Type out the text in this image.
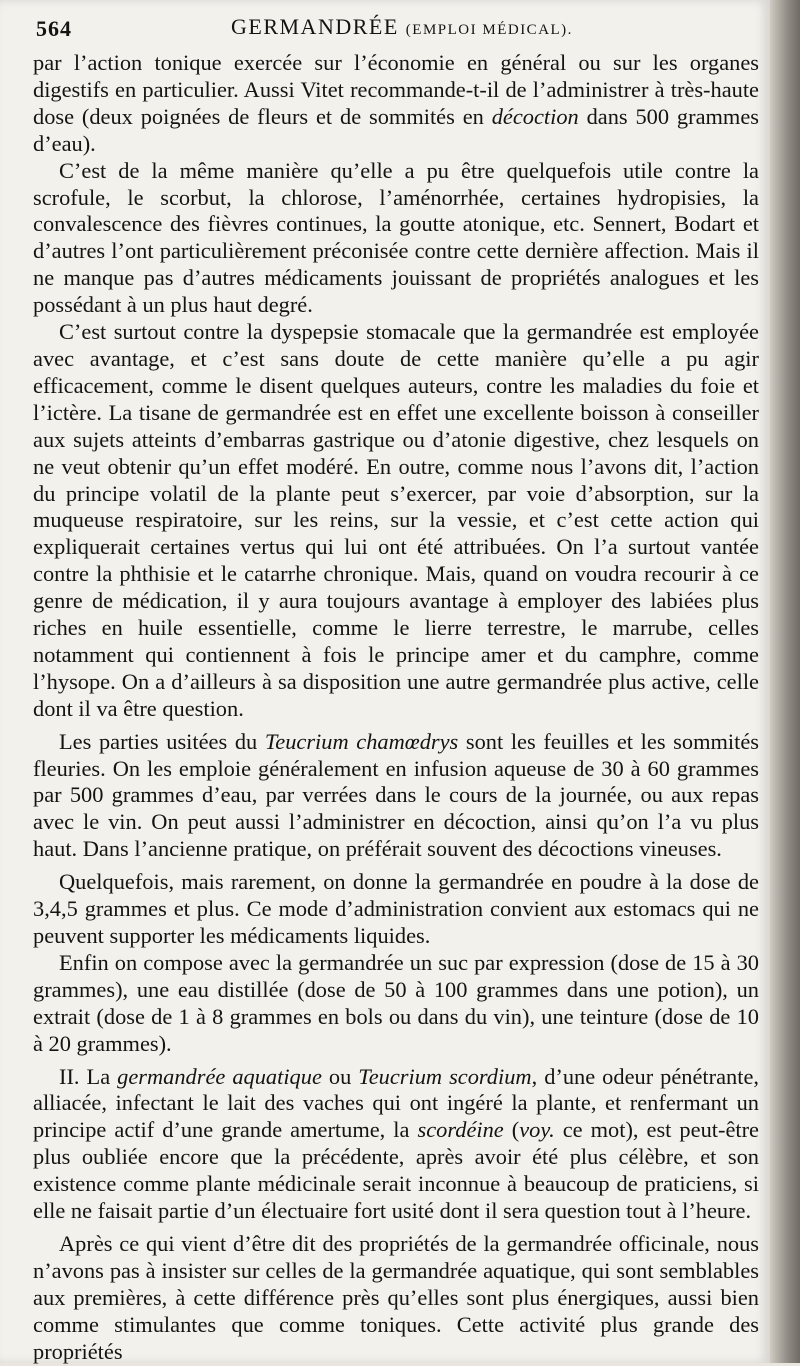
564	GERMANDRÉE (EMPLOI MÉDICAL).

par l’action tonique exercée sur l’économie en général ou sur les organes digestifs en particulier. Aussi Vitet recommande-t-il de l’administrer à très-haute dose (deux poignées de fleurs et de sommités en décoction dans 500 grammes d’eau).

C’est de la même manière qu’elle a pu être quelquefois utile contre la scrofule, le scorbut, la chlorose, l’aménorrhée, certaines hydropisies, la convalescence des fièvres continues, la goutte atonique, etc. Sennert, Bodart et d’autres l’ont particulièrement préconisée contre cette dernière affection. Mais il ne manque pas d’autres médicaments jouissant de propriétés analogues et les possédant à un plus haut degré.

C’est surtout contre la dyspepsie stomacale que la germandrée est employée avec avantage, et c’est sans doute de cette manière qu’elle a pu agir efficacement, comme le disent quelques auteurs, contre les maladies du foie et l’ictère. La tisane de germandrée est en effet une excellente boisson à conseiller aux sujets atteints d’embarras gastrique ou d’atonie digestive, chez lesquels on ne veut obtenir qu’un effet modéré. En outre, comme nous l’avons dit, l’action du principe volatil de la plante peut s’exercer, par voie d’absorption, sur la muqueuse respiratoire, sur les reins, sur la vessie, et c’est cette action qui expliquerait certaines vertus qui lui ont été attribuées. On l’a surtout vantée contre la phthisie et le catarrhe chronique. Mais, quand on voudra recourir à ce genre de médication, il y aura toujours avantage à employer des labiées plus riches en huile essentielle, comme le lierre terrestre, le marrube, celles notamment qui contiennent à fois le principe amer et du camphre, comme l’hysope. On a d’ailleurs à sa disposition une autre germandrée plus active, celle dont il va être question.

Les parties usitées du Teucrium chamœdrys sont les feuilles et les sommités fleuries. On les emploie généralement en infusion aqueuse de 30 à 60 grammes par 500 grammes d’eau, par verrées dans le cours de la journée, ou aux repas avec le vin. On peut aussi l’administrer en décoction, ainsi qu’on l’a vu plus haut. Dans l’ancienne pratique, on préférait souvent des décoctions vineuses.

Quelquefois, mais rarement, on donne la germandrée en poudre à la dose de 3,4,5 grammes et plus. Ce mode d’administration convient aux estomacs qui ne peuvent supporter les médicaments liquides.

Enfin on compose avec la germandrée un suc par expression (dose de 15 à 30 grammes), une eau distillée (dose de 50 à 100 grammes dans une potion), un extrait (dose de 1 à 8 grammes en bols ou dans du vin), une teinture (dose de 10 à 20 grammes).

II. La germandrée aquatique ou Teucrium scordium, d’une odeur pénétrante, alliacée, infectant le lait des vaches qui ont ingéré la plante, et renfermant un principe actif d’une grande amertume, la scordéine (voy. ce mot), est peut-être plus oubliée encore que la précédente, après avoir été plus célèbre, et son existence comme plante médicinale serait inconnue à beaucoup de praticiens, si elle ne faisait partie d’un électuaire fort usité dont il sera question tout à l’heure.

Après ce qui vient d’être dit des propriétés de la germandrée officinale, nous n’avons pas à insister sur celles de la germandrée aquatique, qui sont semblables aux premières, à cette différence près qu’elles sont plus énergiques, aussi bien comme stimulantes que comme toniques. Cette activité plus grande des propriétés
